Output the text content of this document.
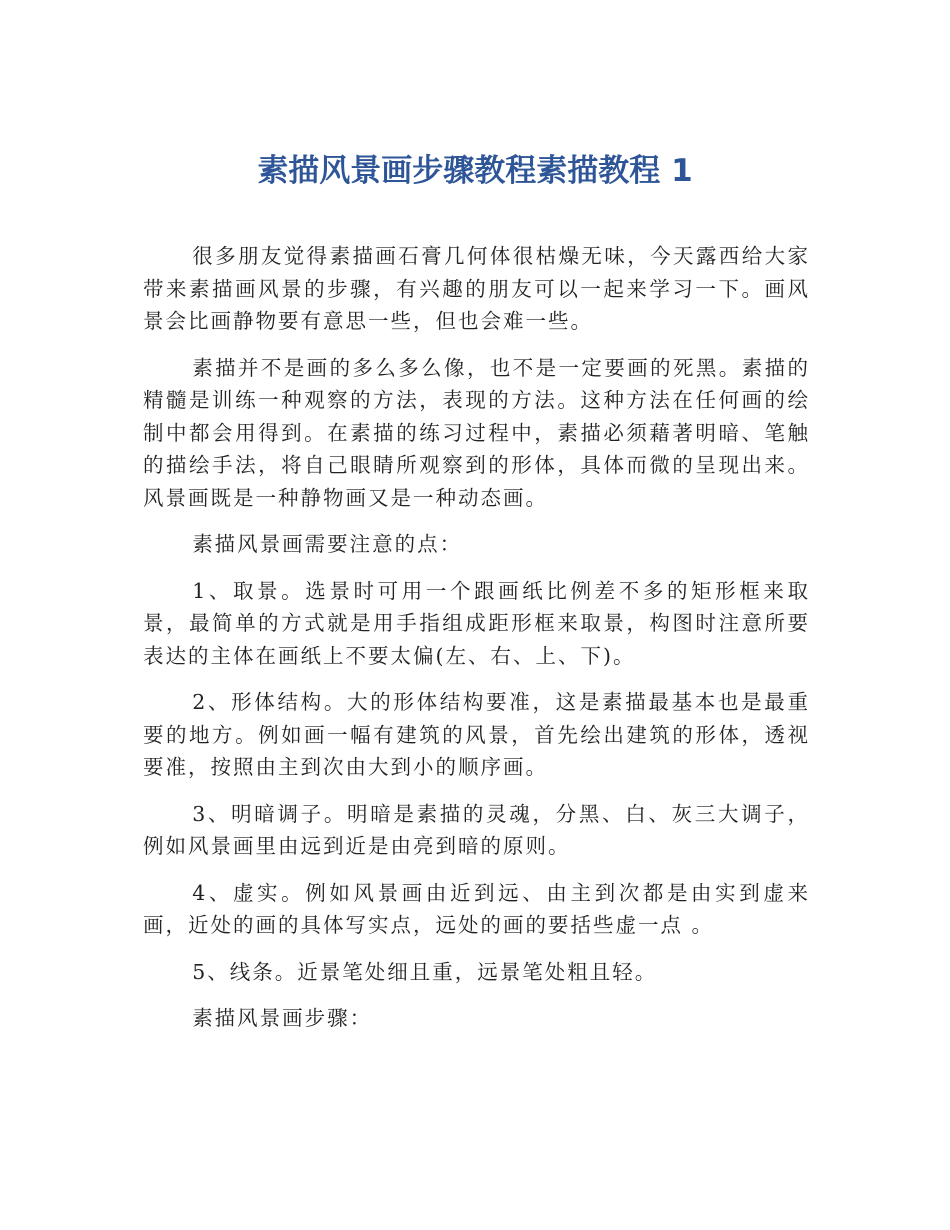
素描风景画步骤教程素描教程 1

很多朋友觉得素描画石膏几何体很枯燥无味，今天露西给大家带来素描画风景的步骤，有兴趣的朋友可以一起来学习一下。画风景会比画静物要有意思一些，但也会难一些。

素描并不是画的多么多么像，也不是一定要画的死黑。素描的精髓是训练一种观察的方法，表现的方法。这种方法在任何画的绘制中都会用得到。在素描的练习过程中，素描必须藉著明暗、笔触的描绘手法，将自己眼睛所观察到的形体，具体而微的呈现出来。风景画既是一种静物画又是一种动态画。

素描风景画需要注意的点：

1、取景。选景时可用一个跟画纸比例差不多的矩形框来取景，最简单的方式就是用手指组成距形框来取景，构图时注意所要表达的主体在画纸上不要太偏(左、右、上、下)。

2、形体结构。大的形体结构要准，这是素描最基本也是最重要的地方。例如画一幅有建筑的风景，首先绘出建筑的形体，透视要准，按照由主到次由大到小的顺序画。

3、明暗调子。明暗是素描的灵魂，分黑、白、灰三大调子，例如风景画里由远到近是由亮到暗的原则。

4、虚实。例如风景画由近到远、由主到次都是由实到虚来画，近处的画的具体写实点，远处的画的要括些虚一点 。

5、线条。近景笔处细且重，远景笔处粗且轻。

素描风景画步骤：
